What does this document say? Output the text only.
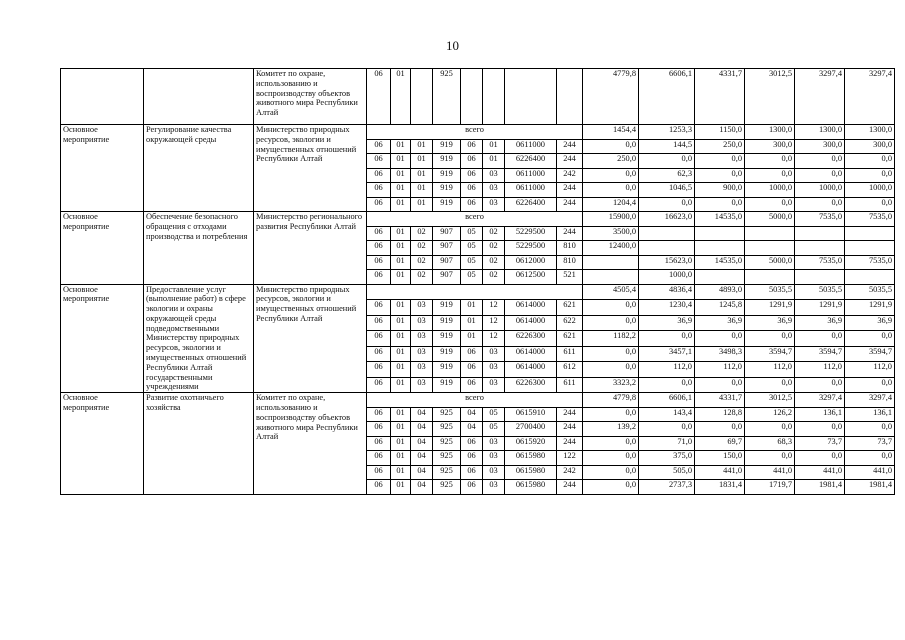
10
		Комитет по охране, использованию и воспроизводству объектов животного мира Республики Алтай	06	01		925					4779,8	6606,1	4331,7	3012,5	3297,4	3297,4
Основное мероприятие	Регулирование качества окружающей среды	Министерство природных ресурсов, экологии и имущественных отношений Республики Алтай	всего								1454,4	1253,3	1150,0	1300,0	1300,0	1300,0
			06	01	01	919	06	01	0611000	244	0,0	144,5	250,0	300,0	300,0	300,0
			06	01	01	919	06	01	6226400	244	250,0	0,0	0,0	0,0	0,0	0,0
			06	01	01	919	06	03	0611000	242	0,0	62,3	0,0	0,0	0,0	0,0
			06	01	01	919	06	03	0611000	244	0,0	1046,5	900,0	1000,0	1000,0	1000,0
			06	01	01	919	06	03	6226400	244	1204,4	0,0	0,0	0,0	0,0	0,0
Основное мероприятие	Обеспечение безопасного обращения с отходами производства и потребления	Министерство регионального развития Республики Алтай	всего								15900,0	16623,0	14535,0	5000,0	7535,0	7535,0
			06	01	02	907	05	02	5229500	244	3500,0					
			06	01	02	907	05	02	5229500	810	12400,0					
			06	01	02	907	05	02	0612000	810		15623,0	14535,0	5000,0	7535,0	7535,0
			06	01	02	907	05	02	0612500	521		1000,0				
Основное мероприятие	Предоставление услуг (выполнение работ) в сфере экологии и охраны окружающей среды подведомственными Министерству природных ресурсов, экологии и имущественных отношений Республики Алтай государственными учреждениями	Министерство природных ресурсов, экологии и имущественных отношений Республики Алтай									4505,4	4836,4	4893,0	5035,5	5035,5	5035,5
			06	01	03	919	01	12	0614000	621	0,0	1230,4	1245,8	1291,9	1291,9	1291,9
			06	01	03	919	01	12	0614000	622	0,0	36,9	36,9	36,9	36,9	36,9
			06	01	03	919	01	12	6226300	621	1182,2	0,0	0,0	0,0	0,0	0,0
			06	01	03	919	06	03	0614000	611	0,0	3457,1	3498,3	3594,7	3594,7	3594,7
			06	01	03	919	06	03	0614000	612	0,0	112,0	112,0	112,0	112,0	112,0
			06	01	03	919	06	03	6226300	611	3323,2	0,0	0,0	0,0	0,0	0,0
Основное мероприятие	Развитие охотничьего хозяйства	Комитет по охране, использованию и воспроизводству объектов животного мира Республики Алтай	всего								4779,8	6606,1	4331,7	3012,5	3297,4	3297,4
			06	01	04	925	04	05	0615910	244	0,0	143,4	128,8	126,2	136,1	136,1
			06	01	04	925	04	05	2700400	244	139,2	0,0	0,0	0,0	0,0	0,0
			06	01	04	925	06	03	0615920	244	0,0	71,0	69,7	68,3	73,7	73,7
			06	01	04	925	06	03	0615980	122	0,0	375,0	150,0	0,0	0,0	0,0
			06	01	04	925	06	03	0615980	242	0,0	505,0	441,0	441,0	441,0	441,0
			06	01	04	925	06	03	0615980	244	0,0	2737,3	1831,4	1719,7	1981,4	1981,4
